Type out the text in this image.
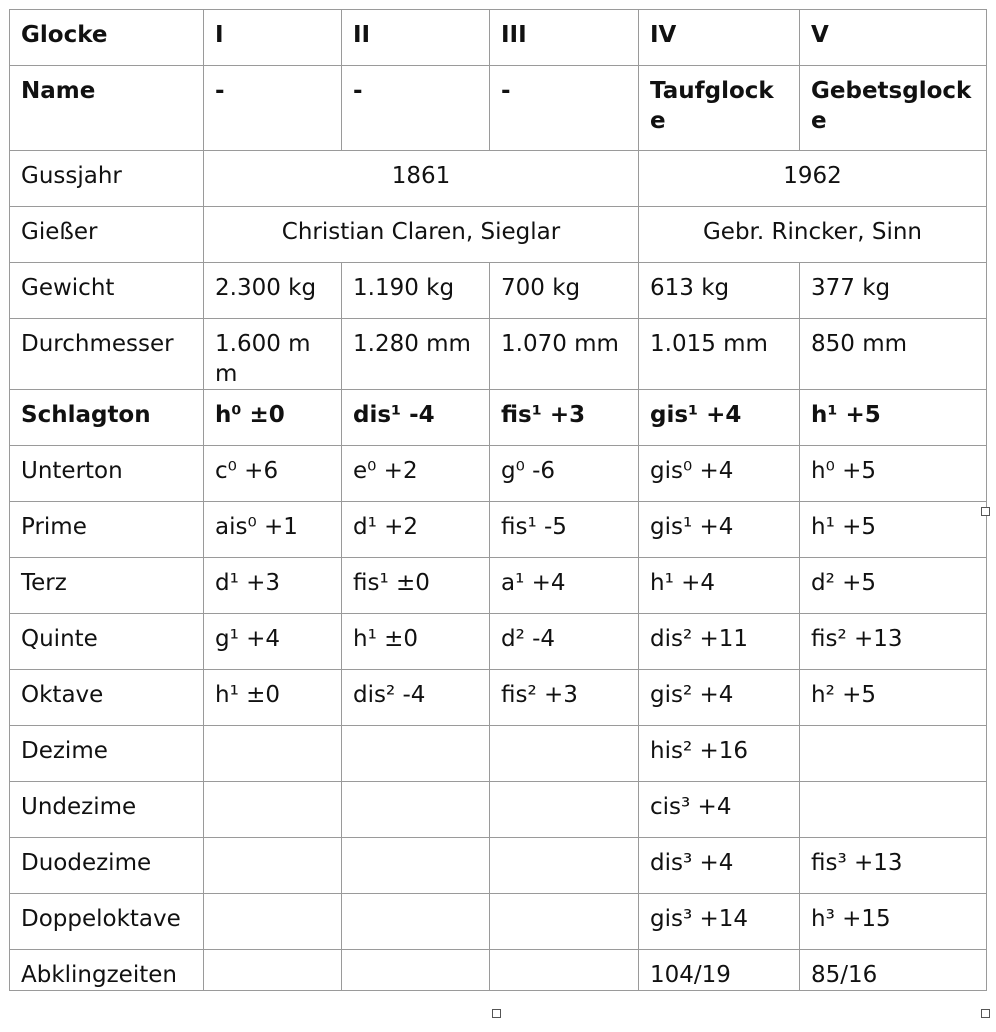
Glocke	I	II	III	IV	V
Name	-	-	-	Taufglocke	Gebetsglocke
Gussjahr	1861			1962	
Gießer	Christian Claren, Sieglar			Gebr. Rincker, Sinn	
Gewicht	2.300 kg	1.190 kg	700 kg	613 kg	377 kg
Durchmesser	1.600 mm	1.280 mm	1.070 mm	1.015 mm	850 mm
Schlagton	h⁰ ±0	dis¹ -4	fis¹ +3	gis¹ +4	h¹ +5
Unterton	c⁰ +6	e⁰ +2	g⁰ -6	gis⁰ +4	h⁰ +5
Prime	ais⁰ +1	d¹ +2	fis¹ -5	gis¹ +4	h¹ +5
Terz	d¹ +3	fis¹ ±0	a¹ +4	h¹ +4	d² +5
Quinte	g¹ +4	h¹ ±0	d² -4	dis² +11	fis² +13
Oktave	h¹ ±0	dis² -4	fis² +3	gis² +4	h² +5
Dezime				his² +16	
Undezime				cis³ +4	
Duodezime				dis³ +4	fis³ +13
Doppeloktave				gis³ +14	h³ +15
Abklingzeiten				104/19	85/16
